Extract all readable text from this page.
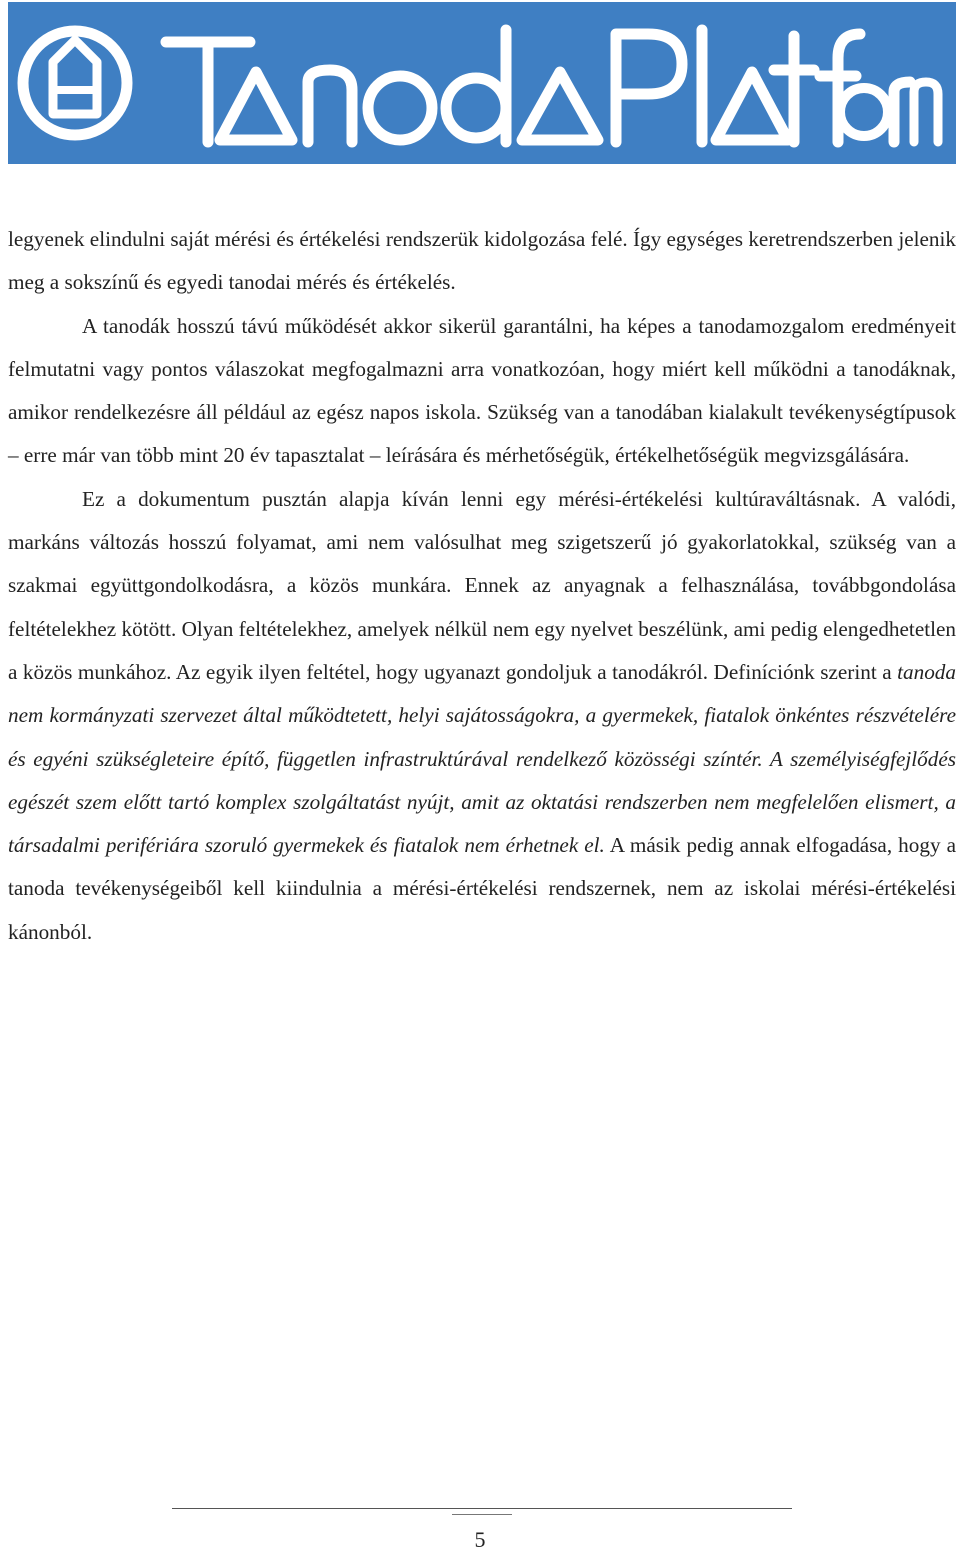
legyenek elindulni saját mérési és értékelési rendszerük kidolgozása felé. Így egységes keretrendszerben jelenik meg a sokszínű és egyedi tanodai mérés és értékelés.

A tanodák hosszú távú működését akkor sikerül garantálni, ha képes a tanodamozgalom eredményeit felmutatni vagy pontos válaszokat megfogalmazni arra vonatkozóan, hogy miért kell működni a tanodáknak, amikor rendelkezésre áll például az egész napos iskola. Szükség van a tanodában kialakult tevékenységtípusok – erre már van több mint 20 év tapasztalat – leírására és mérhetőségük, értékelhetőségük megvizsgálására.

Ez a dokumentum pusztán alapja kíván lenni egy mérési-értékelési kultúraváltásnak. A valódi, markáns változás hosszú folyamat, ami nem valósulhat meg szigetszerű jó gyakorlatokkal, szükség van a szakmai együttgondolkodásra, a közös munkára. Ennek az anyagnak a felhasználása, továbbgondolása feltételekhez kötött. Olyan feltételekhez, amelyek nélkül nem egy nyelvet beszélünk, ami pedig elengedhetetlen a közös munkához. Az egyik ilyen feltétel, hogy ugyanazt gondoljuk a tanodákról. Definíciónk szerint a tanoda nem kormányzati szervezet által működtetett, helyi sajátosságokra, a gyermekek, fiatalok önkéntes részvételére és egyéni szükségleteire építő, független infrastruktúrával rendelkező közösségi színtér. A személyiségfejlődés egészét szem előtt tartó komplex szolgáltatást nyújt, amit az oktatási rendszerben nem megfelelően elismert, a társadalmi perifériára szoruló gyermekek és fiatalok nem érhetnek el. A másik pedig annak elfogadása, hogy a tanoda tevékenységeiből kell kiindulnia a mérési-értékelési rendszernek, nem az iskolai mérési-értékelési kánonból.

5
